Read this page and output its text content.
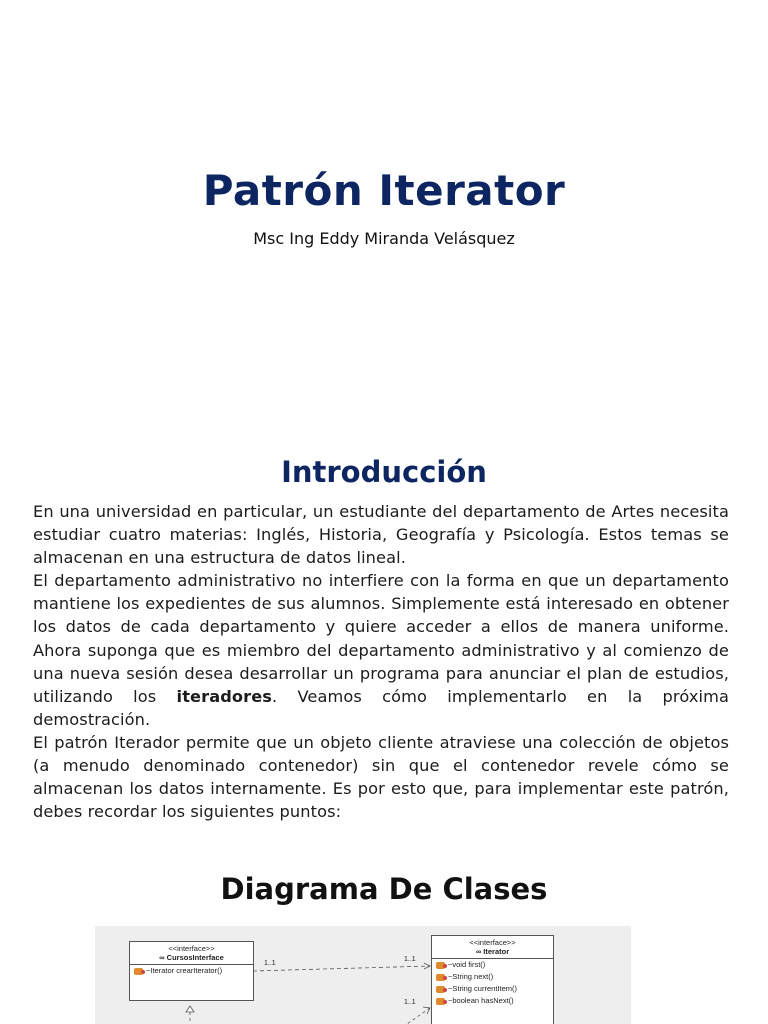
Patrón Iterator
Msc Ing Eddy Miranda Velásquez
Introducción

En una universidad en particular, un estudiante del departamento de Artes necesita estudiar cuatro materias: Inglés, Historia, Geografía y Psicología. Estos temas se almacenan en una estructura de datos lineal.

El departamento administrativo no interfiere con la forma en que un departamento mantiene los expedientes de sus alumnos. Simplemente está interesado en obtener los datos de cada departamento y quiere acceder a ellos de manera uniforme. Ahora suponga que es miembro del departamento administrativo y al comienzo de una nueva sesión desea desarrollar un programa para anunciar el plan de estudios, utilizando los iteradores. Veamos cómo implementarlo en la próxima demostración.

El patrón Iterador permite que un objeto cliente atraviese una colección de objetos (a menudo denominado contenedor) sin que el contenedor revele cómo se almacenan los datos internamente. Es por esto que, para implementar este patrón, debes recordar los siguientes puntos:

Diagrama De Clases
<<interface>>
∞ CursosInterface
~Iterator crearIterator()
<<interface>>
∞ Iterator
~void first()
~String next()
~String currentItem()
~boolean hasNext()
1..1
1..1
1..1
